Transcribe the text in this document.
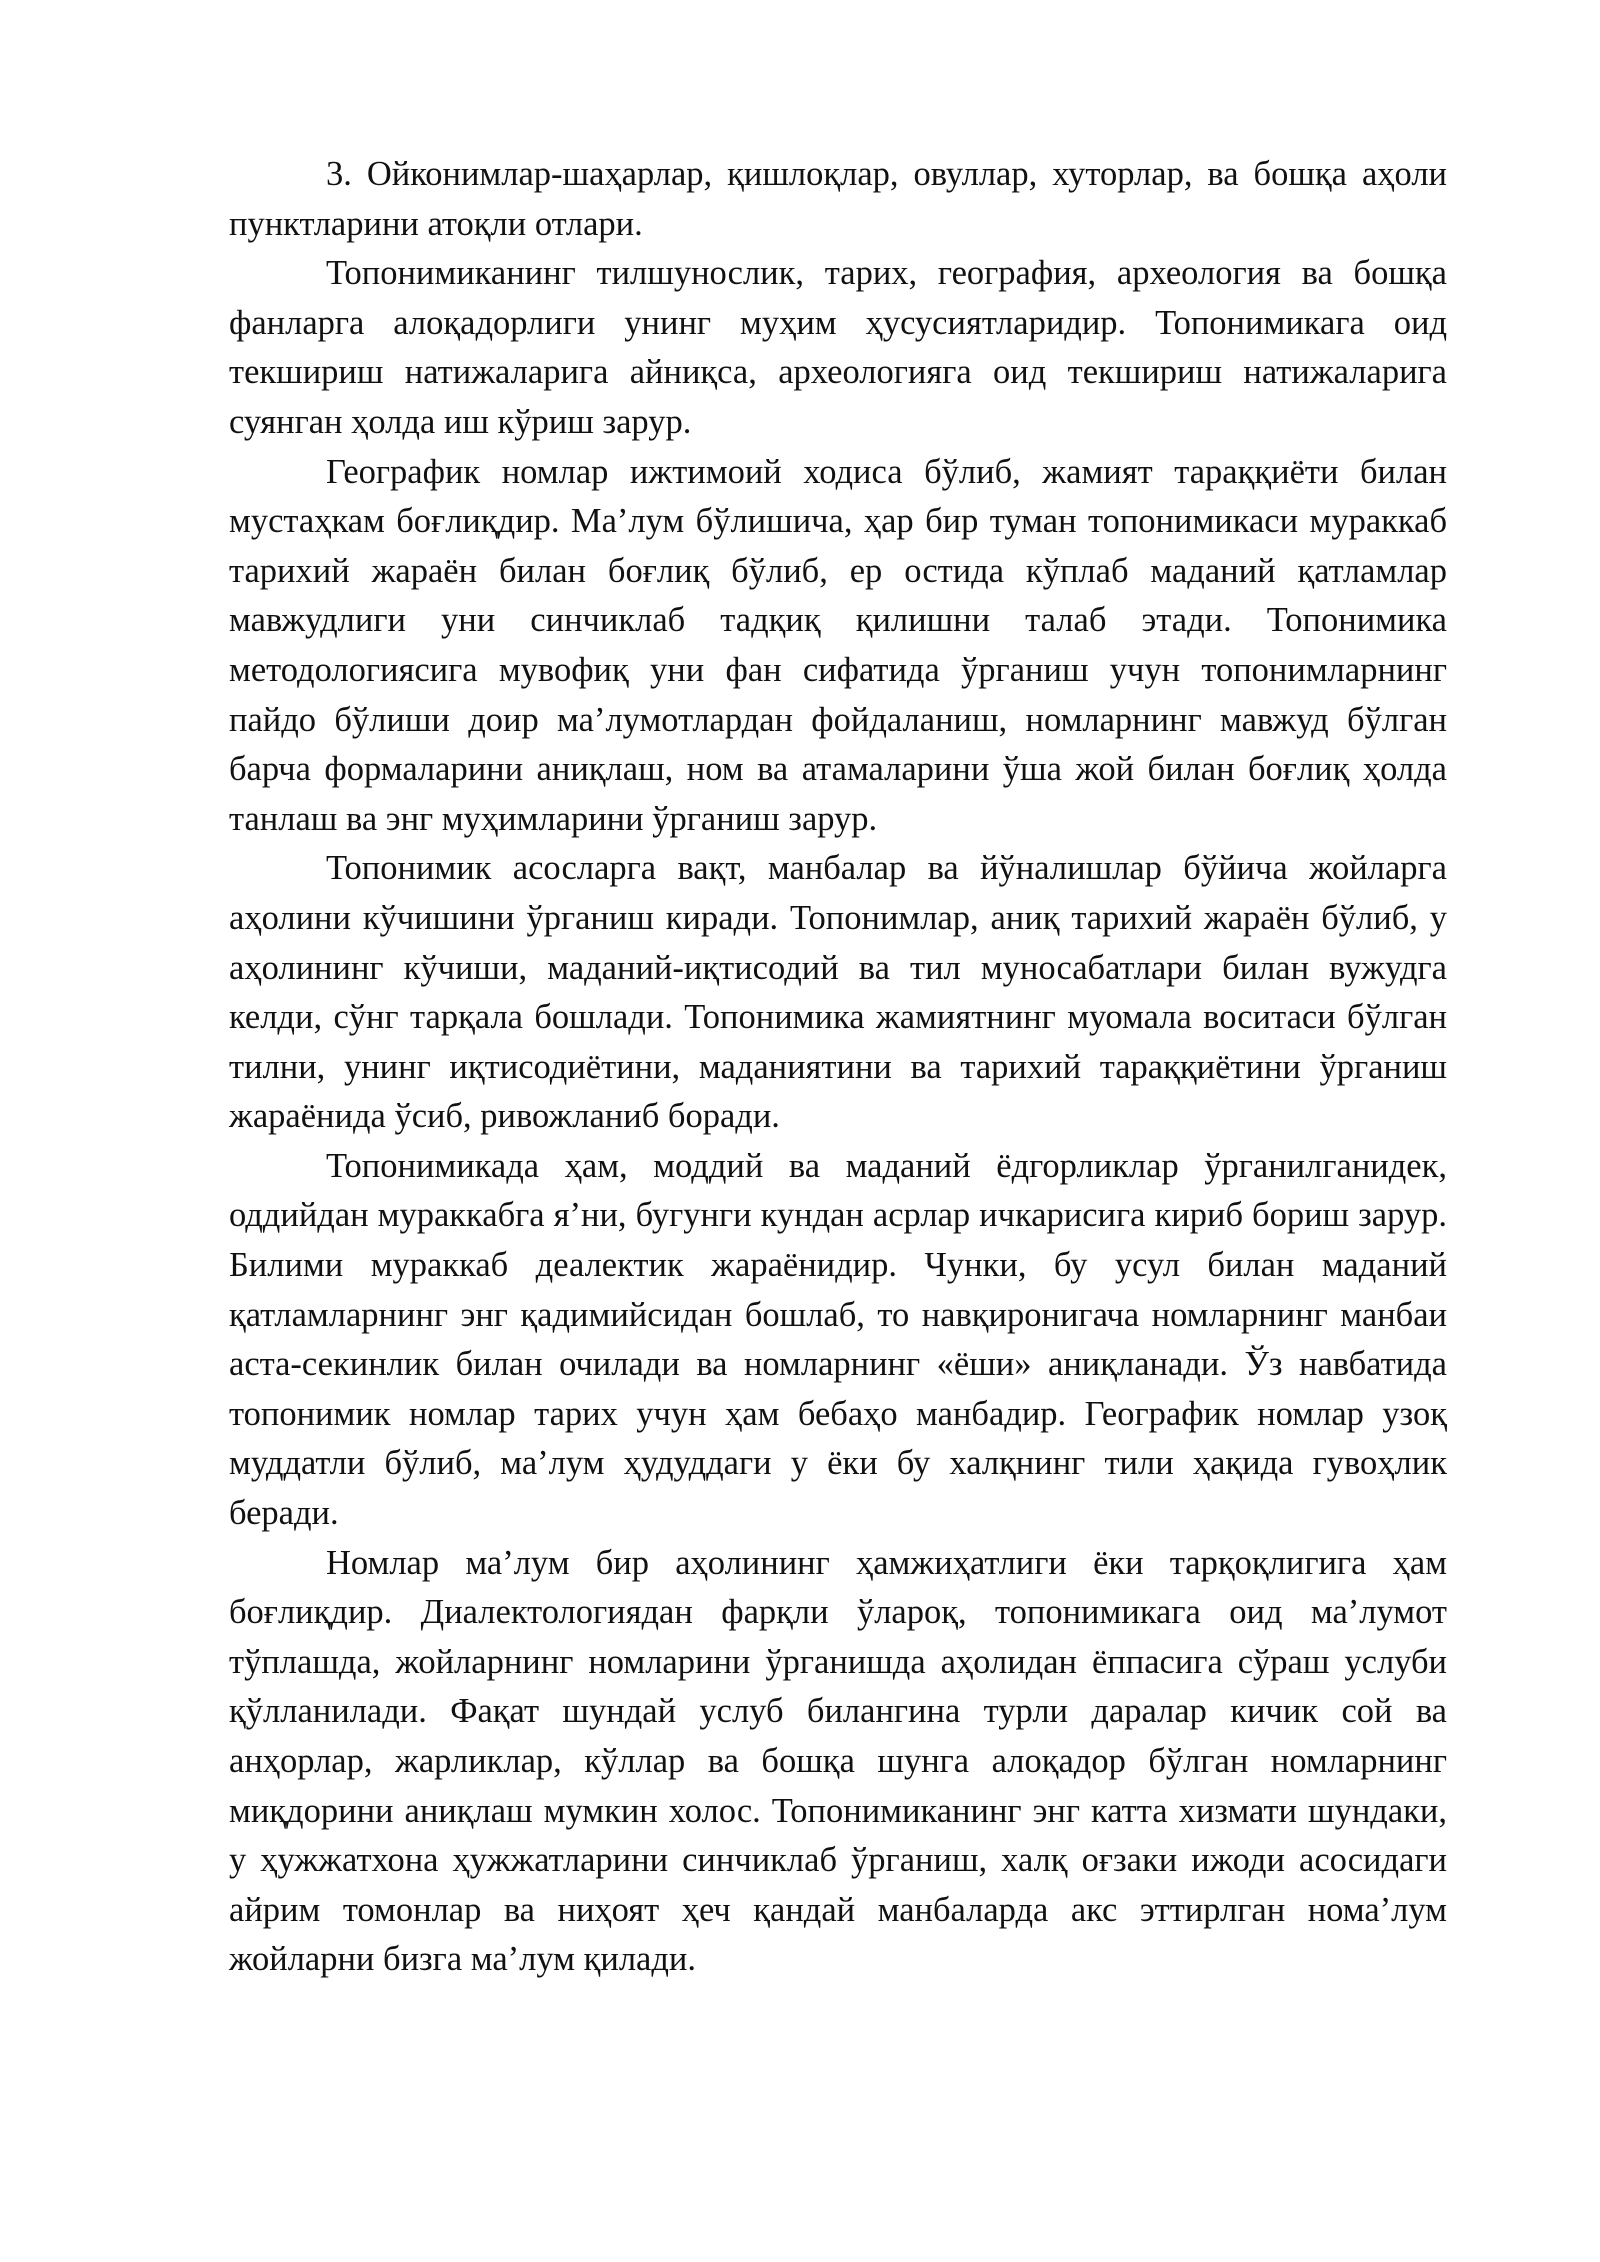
3. Ойконимлар-шаҳарлар, қишлоқлар, овуллар, хуторлар, ва бошқа аҳоли пунктларини атоқли отлари.

Топонимиканинг тилшунослик, тарих, география, археология ва бошқа фанларга алоқадорлиги унинг муҳим ҳусусиятларидир. Топонимикага оид текшириш натижаларига айниқса, археологияга оид текшириш натижаларига суянган ҳолда иш кўриш зарур.

Географик номлар ижтимоий ходиса бўлиб, жамият тараққиёти билан мустаҳкам боғлиқдир. Ма’лум бўлишича, ҳар бир туман топонимикаси мураккаб тарихий жараён билан боғлиқ бўлиб, ер остида кўплаб маданий қатламлар мавжудлиги уни синчиклаб тадқиқ қилишни талаб этади. Топонимика методологиясига мувофиқ уни фан сифатида ўрганиш учун топонимларнинг пайдо бўлиши доир ма’лумотлардан фойдаланиш, номларнинг мавжуд бўлган барча формаларини аниқлаш, ном ва атамаларини ўша жой билан боғлиқ ҳолда танлаш ва энг муҳимларини ўрганиш зарур.

Топонимик асосларга вақт, манбалар ва йўналишлар бўйича жойларга аҳолини кўчишини ўрганиш киради. Топонимлар, аниқ тарихий жараён бўлиб, у аҳолининг кўчиши, маданий-иқтисодий ва тил муносабатлари билан вужудга келди, сўнг тарқала бошлади. Топонимика жамиятнинг муомала воситаси бўлган тилни, унинг иқтисодиётини, маданиятини ва тарихий тараққиётини ўрганиш жараёнида ўсиб, ривожланиб боради.

Топонимикада ҳам, моддий ва маданий ёдгорликлар ўрганилганидек, оддийдан мураккабга я’ни, бугунги кундан асрлар ичкарисига кириб бориш зарур. Билими мураккаб деалектик жараёнидир. Чунки, бу усул билан маданий қатламларнинг энг қадимийсидан бошлаб, то навқиронигача номларнинг манбаи аста-секинлик билан очилади ва номларнинг «ёши» аниқланади. Ўз навбатида топонимик номлар тарих учун ҳам бебаҳо манбадир. Географик номлар узоқ муддатли бўлиб, ма’лум ҳудуддаги у ёки бу халқнинг тили ҳақида гувоҳлик беради.

Номлар ма’лум бир аҳолининг ҳамжиҳатлиги ёки тарқоқлигига ҳам боғлиқдир. Диалектологиядан фарқли ўлароқ, топонимикага оид ма’лумот тўплашда, жойларнинг номларини ўрганишда аҳолидан ёппасига сўраш услуби қўлланилади. Фақат шундай услуб билангина турли даралар кичик сой ва анҳорлар, жарликлар, кўллар ва бошқа шунга алоқадор бўлган номларнинг миқдорини аниқлаш мумкин холос. Топонимиканинг энг катта хизмати шундаки, у ҳужжатхона ҳужжатларини синчиклаб ўрганиш, халқ оғзаки ижоди асосидаги айрим томонлар ва ниҳоят ҳеч қандай манбаларда акс эттирлган нома’лум жойларни бизга ма’лум қилади.
